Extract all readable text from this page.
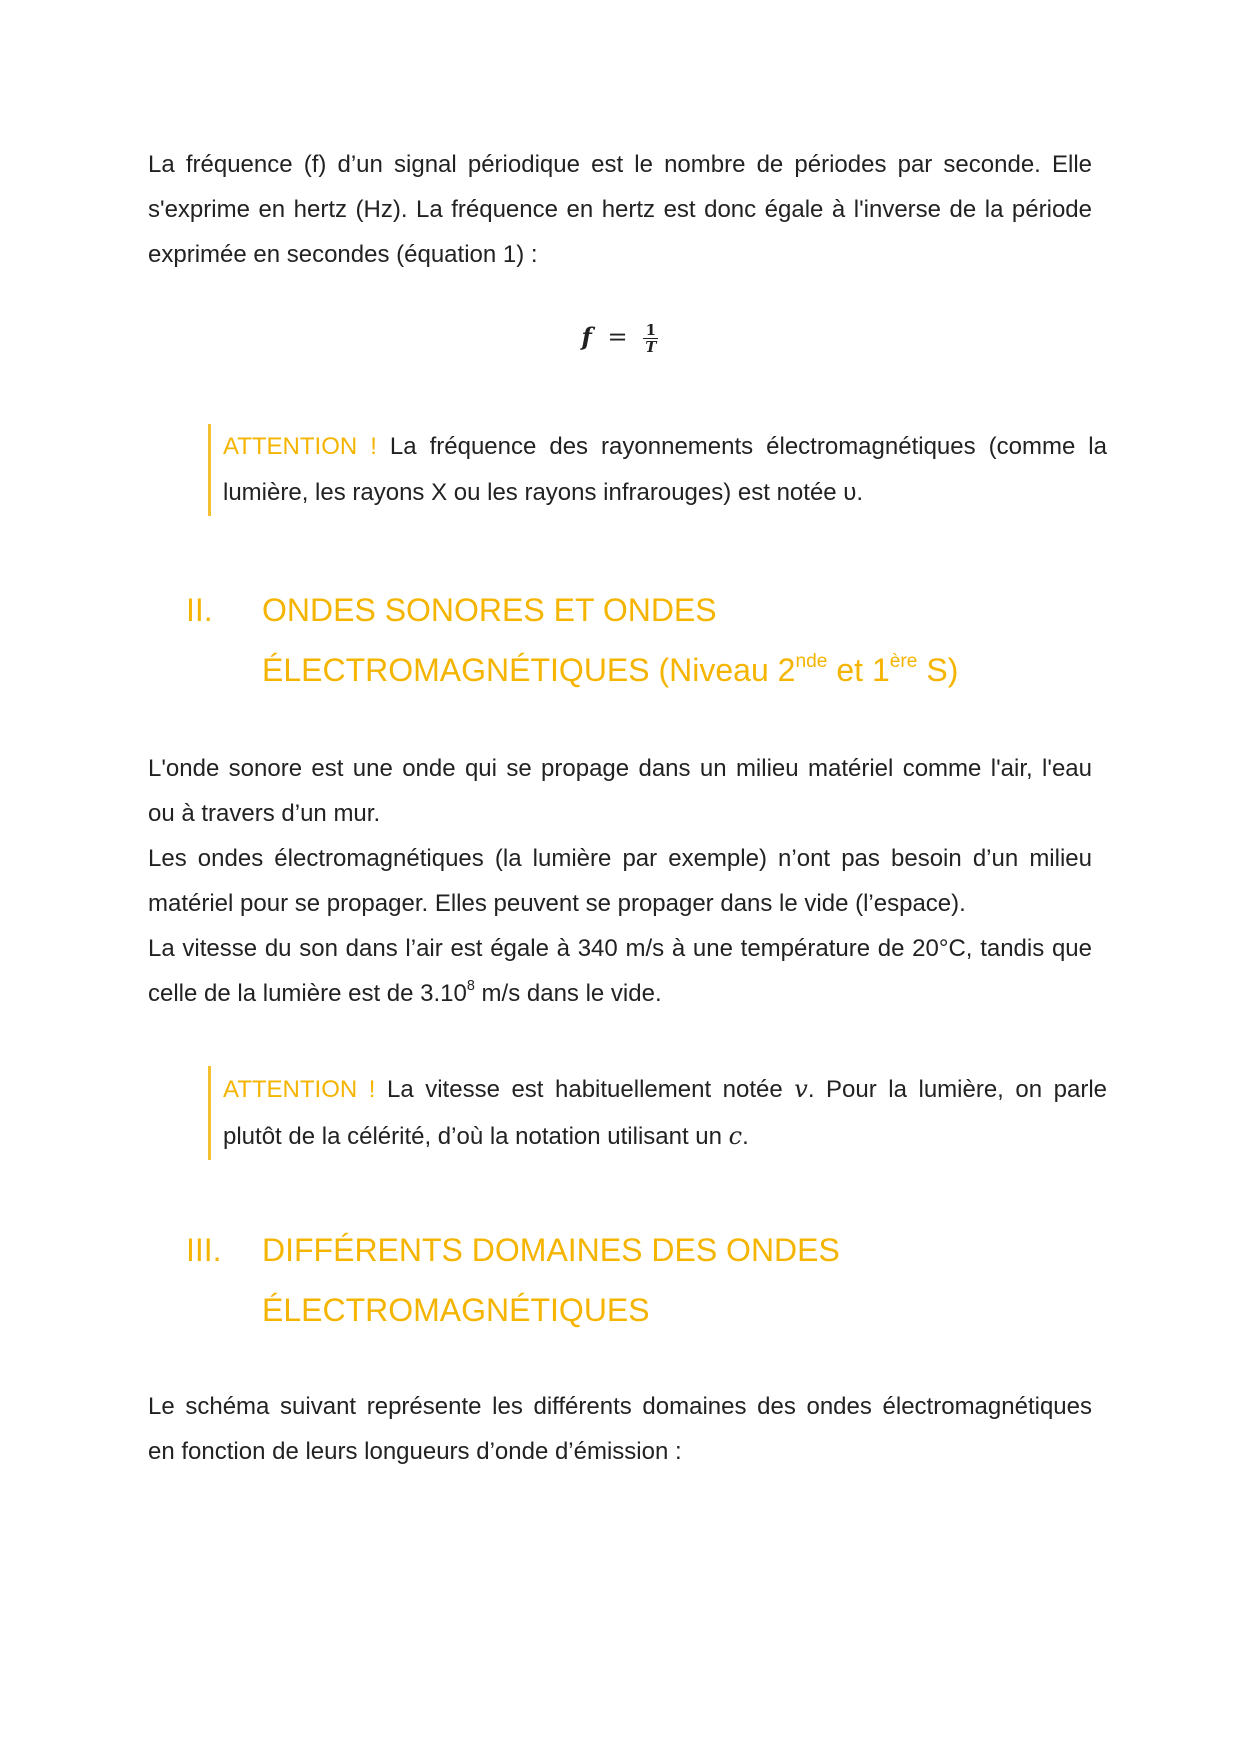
La fréquence (f) d’un signal périodique est le nombre de périodes par seconde. Elle
s'exprime en hertz (Hz). La fréquence en hertz est donc égale à l'inverse de la période
exprimée en secondes (équation 1) :

$f = \frac{1}{T}$
ATTENTION ! La fréquence des rayonnements électromagnétiques (comme la lumière, les rayons X ou les rayons infrarouges) est notée υ.
II. ONDES SONORES ET ONDES
ÉLECTROMAGNÉTIQUES (Niveau 2nde et 1ère S)

L'onde sonore est une onde qui se propage dans un milieu matériel comme l'air, l'eau
ou à travers d’un mur.
Les ondes électromagnétiques (la lumière par exemple) n’ont pas besoin d’un milieu
matériel pour se propager. Elles peuvent se propager dans le vide (l’espace).
La vitesse du son dans l’air est égale à 340 m/s à une température de 20°C, tandis que
celle de la lumière est de 3.10$^8$ m/s dans le vide.

ATTENTION ! La vitesse est habituellement notée v. Pour la lumière, on parle plutôt de la célérité, d’où la notation utilisant un c.
III. DIFFÉRENTS DOMAINES DES ONDES
ÉLECTROMAGNÉTIQUES

Le schéma suivant représente les différents domaines des ondes électromagnétiques
en fonction de leurs longueurs d’onde d’émission :
